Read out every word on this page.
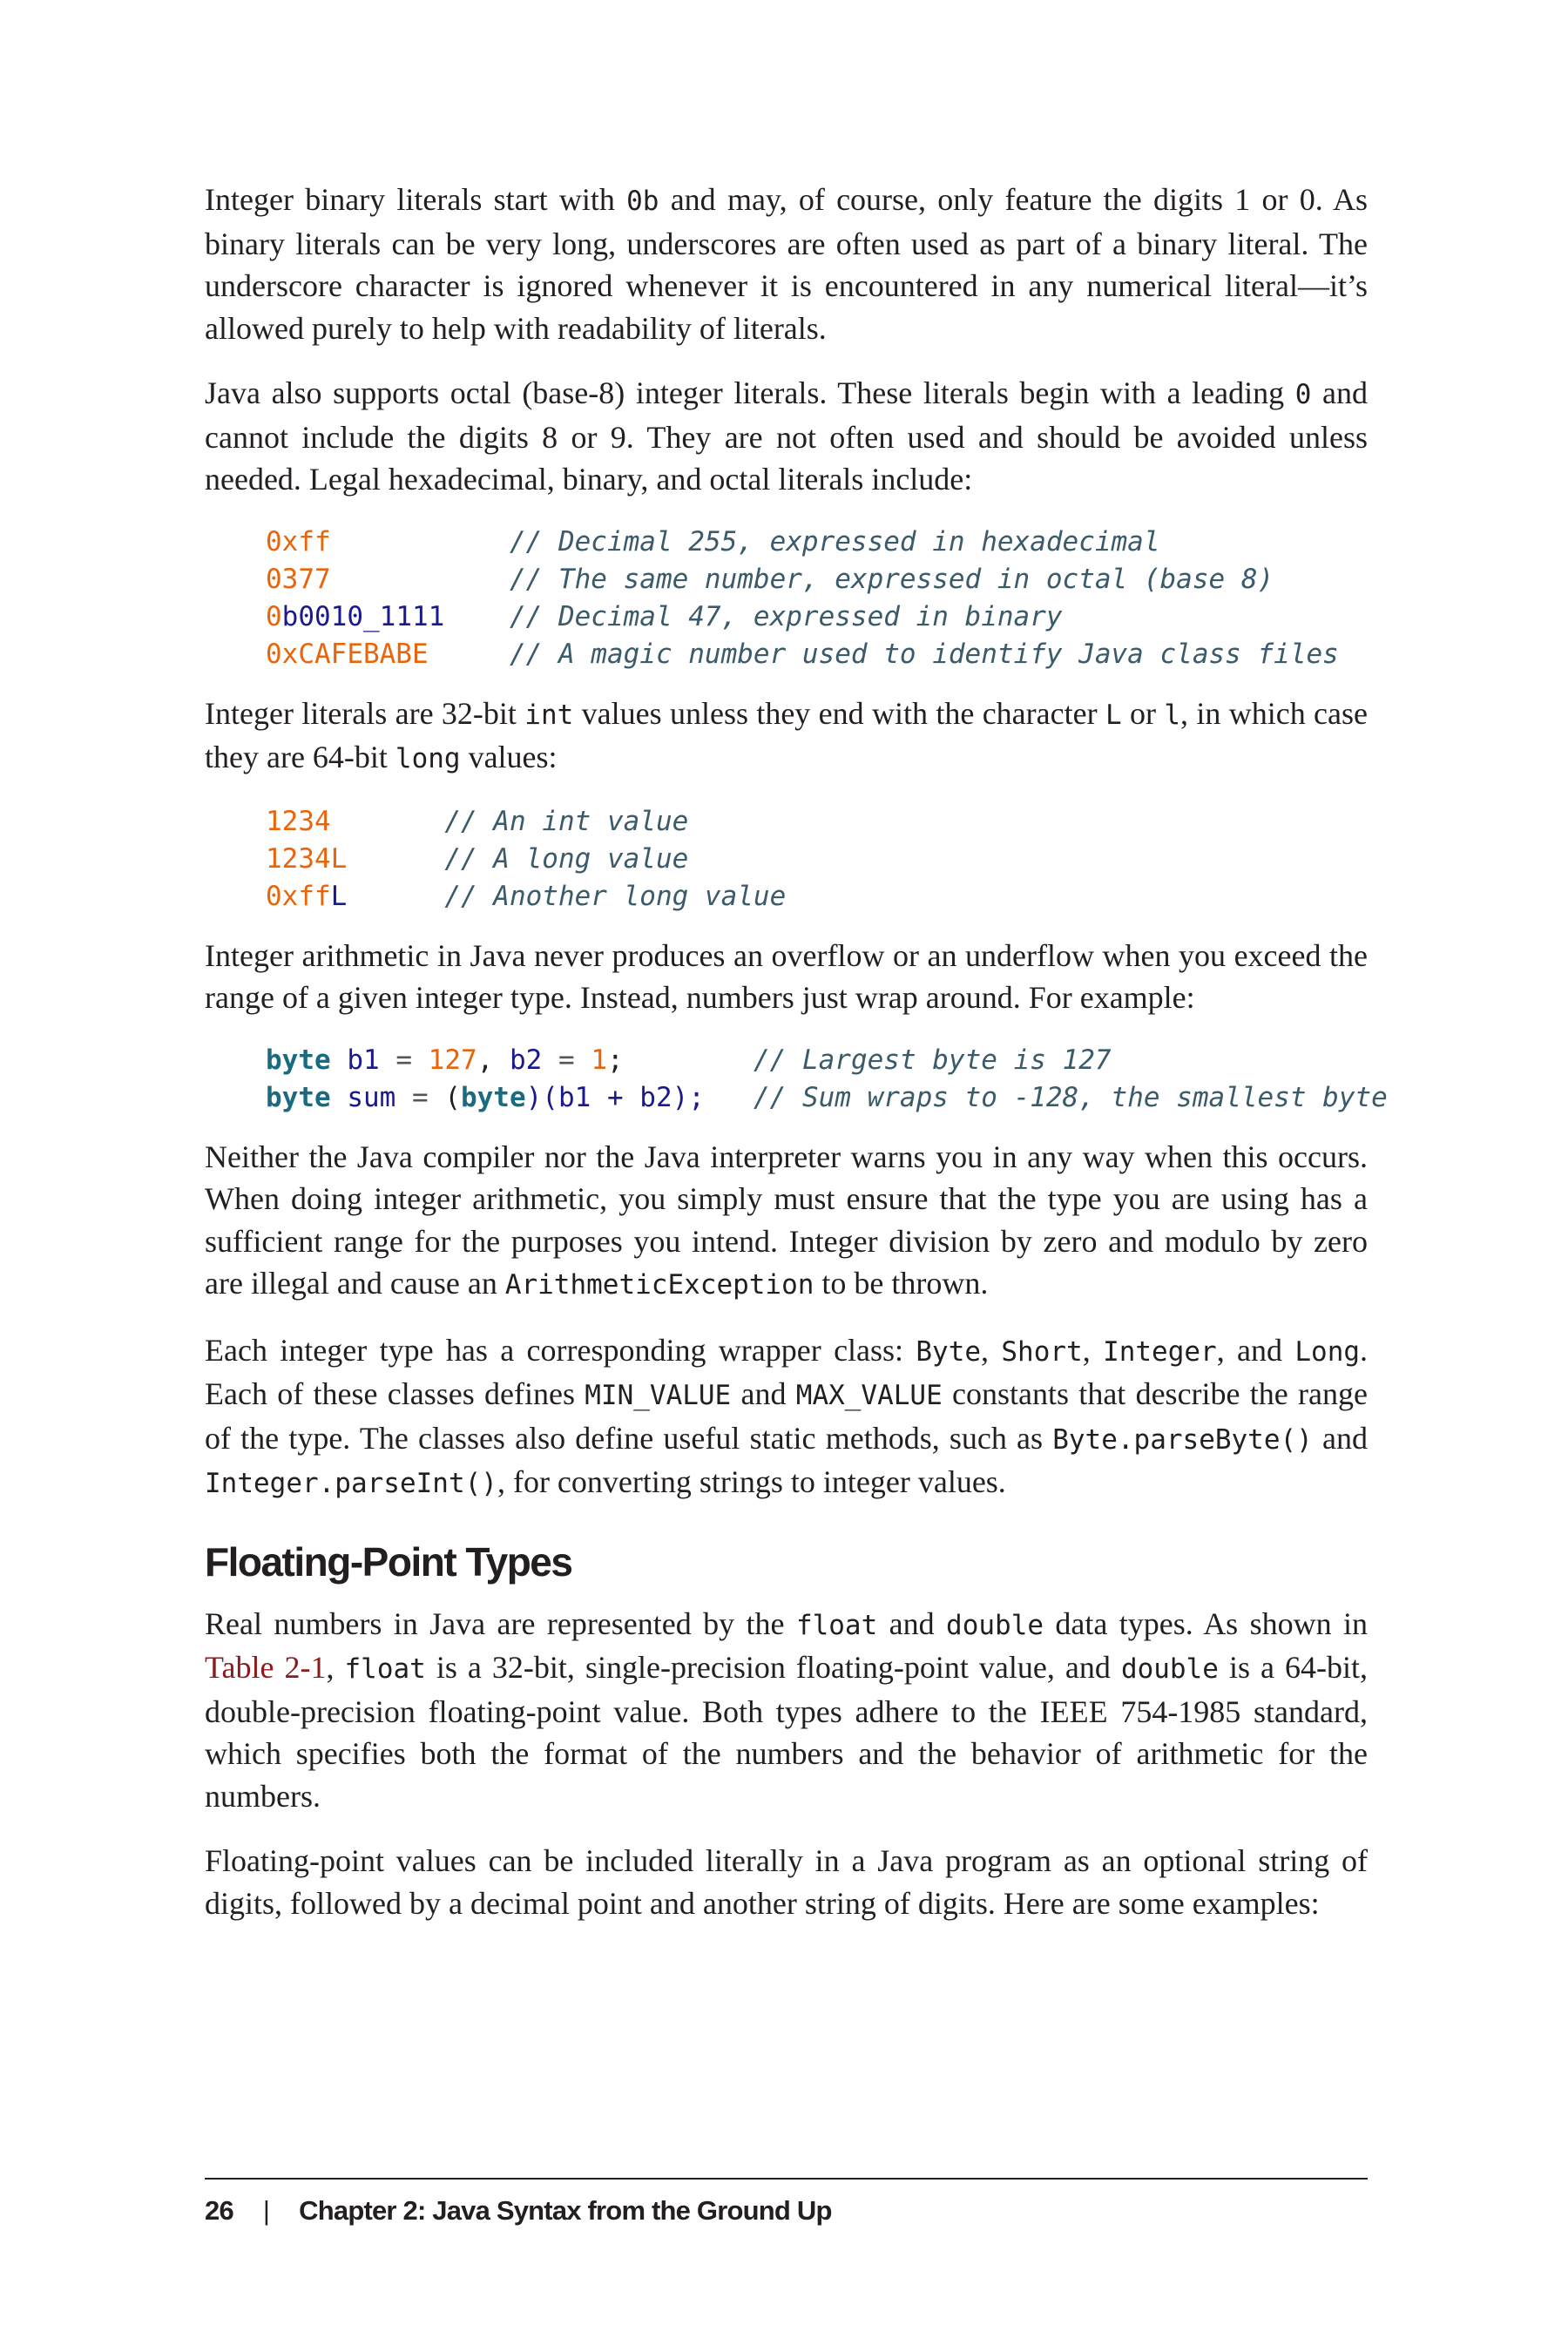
Integer binary literals start with 0b and may, of course, only feature the digits 1 or 0. As binary literals can be very long, underscores are often used as part of a binary literal. The underscore character is ignored whenever it is encountered in any numerical literal—it’s allowed purely to help with readability of literals.

Java also supports octal (base-8) integer literals. These literals begin with a leading 0 and cannot include the digits 8 or 9. They are not often used and should be avoided unless needed. Legal hexadecimal, binary, and octal literals include:

0xff	// Decimal 255, expressed in hexadecimal
0377	// The same number, expressed in octal (base 8)
0b0010_1111 // Decimal 47, expressed in binary
0xCAFEBABE	// A magic number used to identify Java class files

Integer literals are 32-bit int values unless they end with the character L or l, in which case they are 64-bit long values:

1234	// An int value
1234L	// A long value
0xffL	// Another long value

Integer arithmetic in Java never produces an overflow or an underflow when you exceed the range of a given integer type. Instead, numbers just wrap around. For example:

byte b1 = 127, b2 = 1;	// Largest byte is 127
byte sum = (byte)(b1 + b2); // Sum wraps to -128, the smallest byte

Neither the Java compiler nor the Java interpreter warns you in any way when this occurs. When doing integer arithmetic, you simply must ensure that the type you are using has a sufficient range for the purposes you intend. Integer division by zero and modulo by zero are illegal and cause an ArithmeticException to be thrown.

Each integer type has a corresponding wrapper class: Byte, Short, Integer, and Long. Each of these classes defines MIN_VALUE and MAX_VALUE constants that describe the range of the type. The classes also define useful static methods, such as Byte.parseByte() and Integer.parseInt(), for converting strings to integer values.

Floating-Point Types

Real numbers in Java are represented by the float and double data types. As shown in Table 2-1, float is a 32-bit, single-precision floating-point value, and double is a 64-bit, double-precision floating-point value. Both types adhere to the IEEE 754-1985 standard, which specifies both the format of the numbers and the behavior of arithmetic for the numbers.

Floating-point values can be included literally in a Java program as an optional string of digits, followed by a decimal point and another string of digits. Here are some examples:

26 | Chapter 2: Java Syntax from the Ground Up
